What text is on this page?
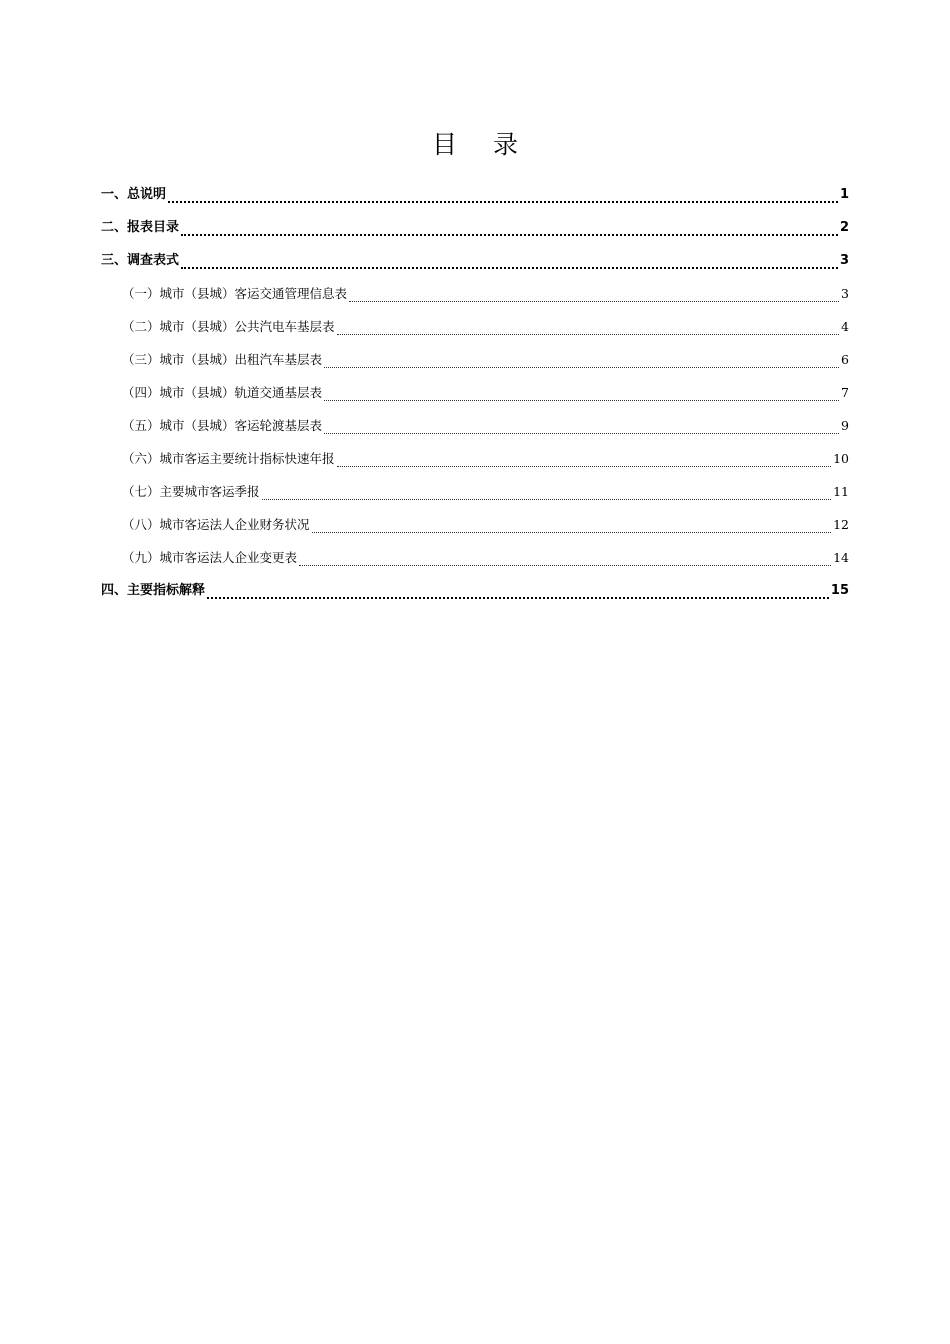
目 录
一、总说明	1
二、报表目录	2
三、调查表式	3
（一）城市（县城）客运交通管理信息表	3
（二）城市（县城）公共汽电车基层表	4
（三）城市（县城）出租汽车基层表	6
（四）城市（县城）轨道交通基层表	7
（五）城市（县城）客运轮渡基层表	9
（六）城市客运主要统计指标快速年报	10
（七）主要城市客运季报	11
（八）城市客运法人企业财务状况	12
（九）城市客运法人企业变更表	14
四、主要指标解释	15
